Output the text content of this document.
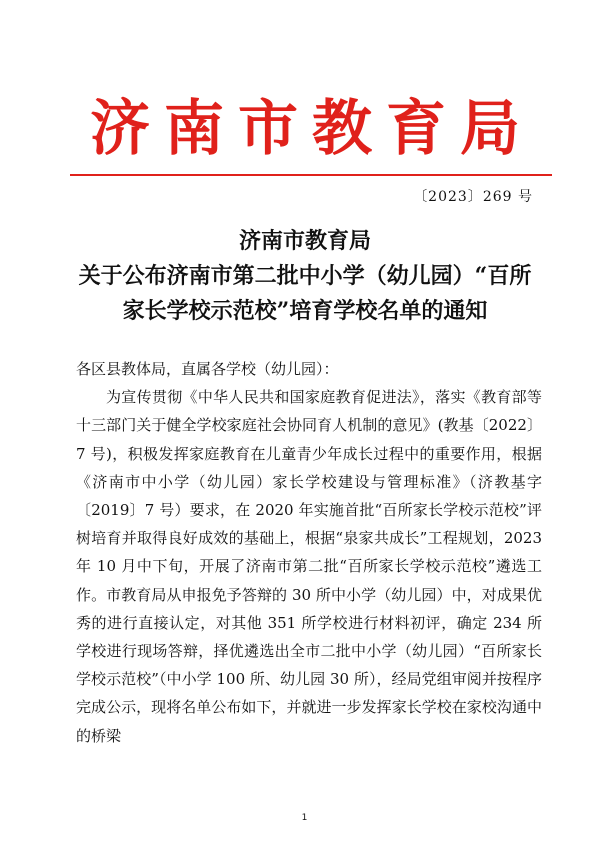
济南市教育局
〔2023〕269 号
济南市教育局
关于公布济南市第二批中小学（幼儿园）“百所
家长学校示范校”培育学校名单的通知

各区县教体局，直属各学校（幼儿园）：

为宣传贯彻《中华人民共和国家庭教育促进法》，落实《教育部等十三部门关于健全学校家庭社会协同育人机制的意见》(教基〔2022〕7 号)，积极发挥家庭教育在儿童青少年成长过程中的重要作用，根据《济南市中小学（幼儿园）家长学校建设与管理标准》（济教基字〔2019〕7 号）要求，在 2020 年实施首批“百所家长学校示范校”评树培育并取得良好成效的基础上，根据“泉家共成长”工程规划，2023 年 10 月中下旬，开展了济南市第二批“百所家长学校示范校”遴选工作。市教育局从申报免予答辩的 30 所中小学（幼儿园）中，对成果优秀的进行直接认定，对其他 351 所学校进行材料初评，确定 234 所学校进行现场答辩，择优遴选出全市二批中小学（幼儿园）“百所家长学校示范校”（中小学 100 所、幼儿园 30 所），经局党组审阅并按程序完成公示，现将名单公布如下，并就进一步发挥家长学校在家校沟通中的桥梁

1
